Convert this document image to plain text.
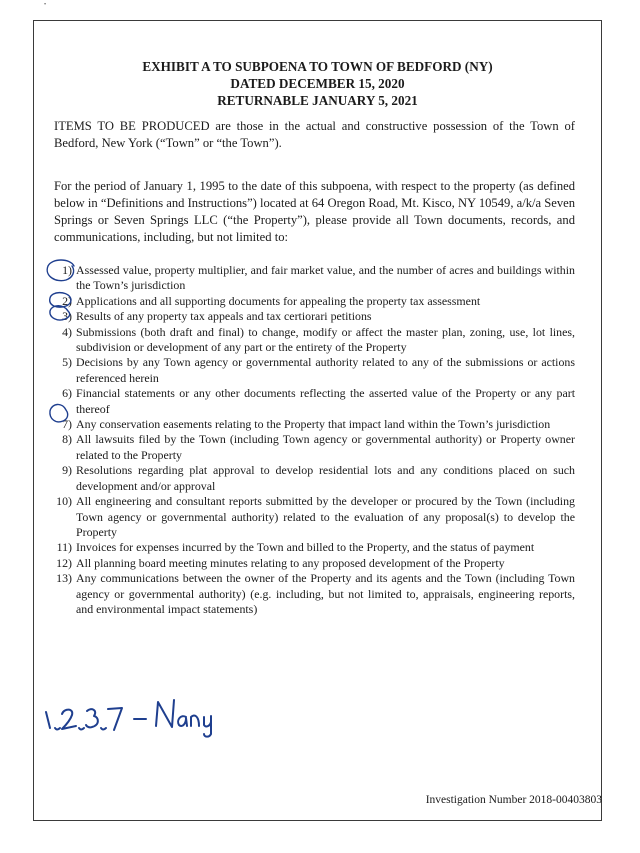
•
EXHIBIT A TO SUBPOENA TO TOWN OF BEDFORD (NY)
DATED DECEMBER 15, 2020
RETURNABLE JANUARY 5, 2021
ITEMS TO BE PRODUCED are those in the actual and constructive possession of the Town of Bedford, New York (“Town” or “the Town”).
For the period of January 1, 1995 to the date of this subpoena, with respect to the property (as defined below in “Definitions and Instructions”) located at 64 Oregon Road, Mt. Kisco, NY 10549, a/k/a Seven Springs or Seven Springs LLC (“the Property”), please provide all Town documents, records, and communications, including, but not limited to:
1) Assessed value, property multiplier, and fair market value, and the number of acres and buildings within the Town’s jurisdiction
2) Applications and all supporting documents for appealing the property tax assessment
3) Results of any property tax appeals and tax certiorari petitions
4) Submissions (both draft and final) to change, modify or affect the master plan, zoning, use, lot lines, subdivision or development of any part or the entirety of the Property
5) Decisions by any Town agency or governmental authority related to any of the submissions or actions referenced herein
6) Financial statements or any other documents reflecting the asserted value of the Property or any part thereof
7) Any conservation easements relating to the Property that impact land within the Town’s jurisdiction
8) All lawsuits filed by the Town (including Town agency or governmental authority) or Property owner related to the Property
9) Resolutions regarding plat approval to develop residential lots and any conditions placed on such development and/or approval
10) All engineering and consultant reports submitted by the developer or procured by the Town (including Town agency or governmental authority) related to the evaluation of any proposal(s) to develop the Property
11) Invoices for expenses incurred by the Town and billed to the Property, and the status of payment
12) All planning board meeting minutes relating to any proposed development of the Property
13) Any communications between the owner of the Property and its agents and the Town (including Town agency or governmental authority) (e.g. including, but not limited to, appraisals, engineering reports, and environmental impact statements)
Investigation Number 2018-00403803
